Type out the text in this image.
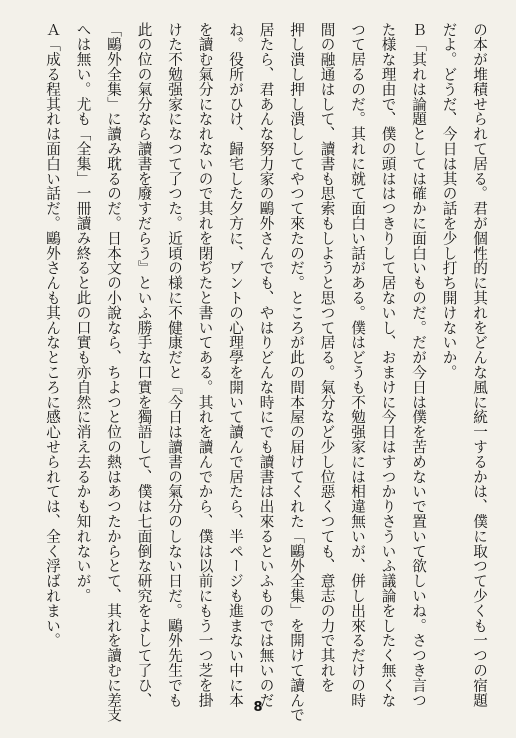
の本が堆積せられて居る。君が個性的に其れをどんな風に統一するかは、僕に取つて少くも一つの宿題

だよ。どうだ、今日は其の話を少し打ち開けないか。

Ｂ「其れは論題としては確かに面白いものだ。だが今日は僕を苦めないで置いて欲しいね。さつき言つ

た様な理由で、僕の頭ははつきりして居ないし、おまけに今日はすつかりさういふ議論をしたく無くな

つて居るのだ。其れに就て面白い話がある。僕はどうも不勉强家には相違無いが、併し出來るだけの時

間の融通はして、讀書も思索もしようと思つて居る。氣分など少し位惡くつても、意志の力で其れを

押し潰し押し潰ししてやつて來たのだ。ところが此の間本屋の届けてくれた「鷗外全集」を開けて讀んで

居たら、君あんな努力家の鷗外さんでも、やはりどんな時にでも讀書は出來るといふものでは無いのだ

ね。役所がひけ、歸宅した夕方に、ヷントの心理學を開いて讀んで居たら、半ページも進まない中に本

を讀む氣分になれないので其れを閉ぢたと書いてある。其れを讀んでから、僕は以前にもう一つ芝を掛

けた不勉强家になつて了つた。近頃の様に不健康だと『今日は讀書の氣分のしない日だ。鷗外先生でも

此の位の氣分なら讀書を廢すだらう』といふ勝手な口實を獨語して、僕は七面倒な研究をよして了ひ、

「鷗外全集」に讀み耽るのだ。日本文の小說なら、ちよつと位の熱はあつたからとて、其れを讀むに差支

へは無い。尤も「全集」一冊讀み終ると此の口實も亦自然に消え去るかも知れないが。

Ａ「成る程其れは面白い話だ。鷗外さんも其んなところに感心せられては、全く浮ばれまい。

8
